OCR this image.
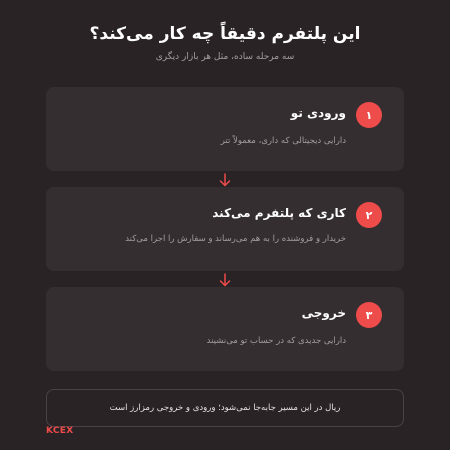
این پلتفرم دقیقاً چه کار می‌کند؟

سه مرحله ساده، مثل هر بازار دیگری

۱
ورودی تو
دارایی دیجیتالی که داری، معمولاً تتر
۲
کاری که پلتفرم می‌کند
خریدار و فروشنده را به هم می‌رساند و سفارش را اجرا می‌کند
۳
خروجی
دارایی جدیدی که در حساب تو می‌نشیند
ریال در این مسیر جابه‌جا نمی‌شود؛ ورودی و خروجی رمزارز است
KCEX
